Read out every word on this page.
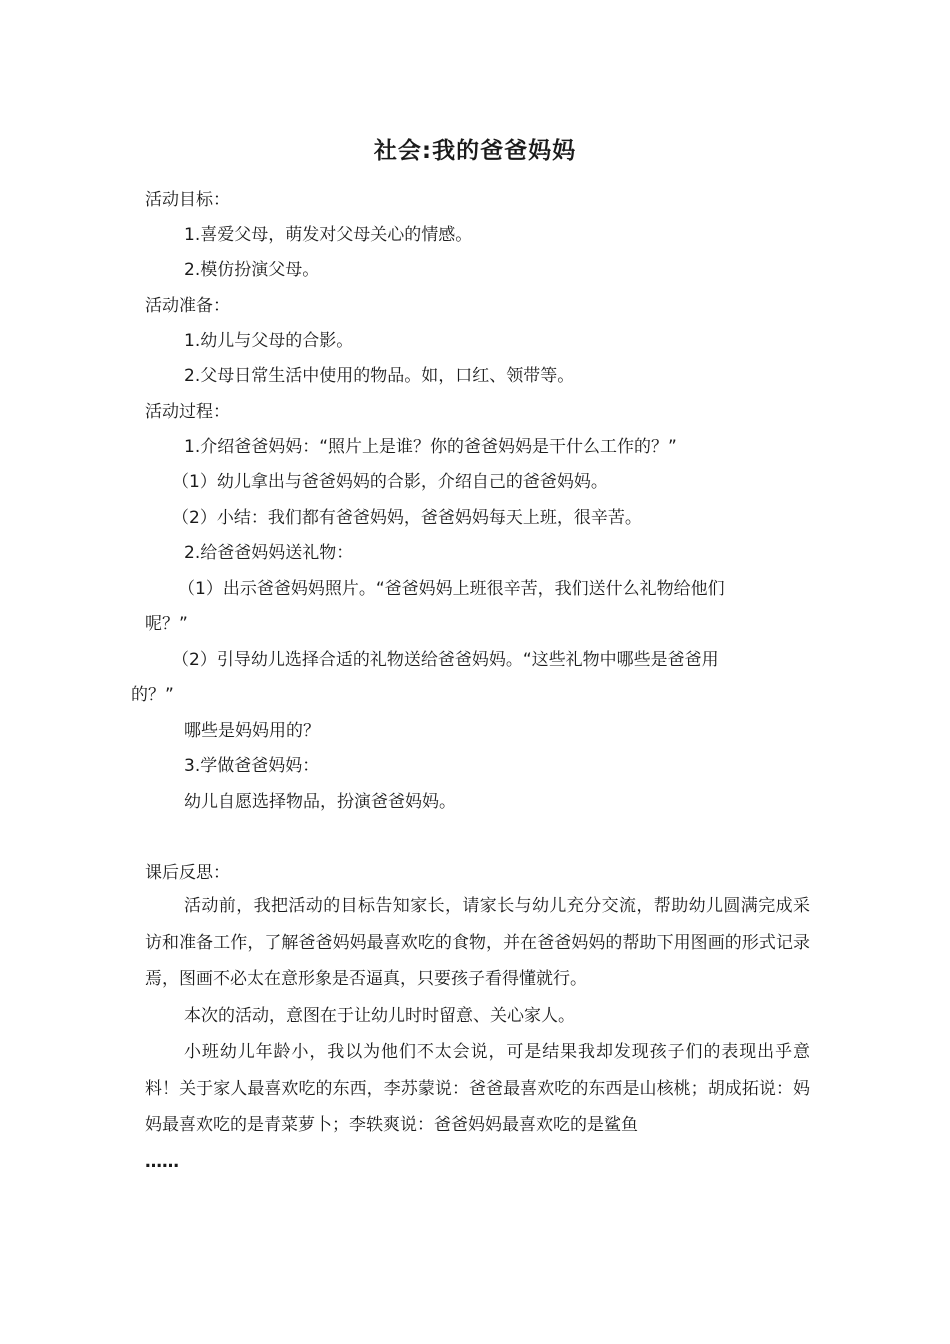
社会:我的爸爸妈妈
活动目标：
1.喜爱父母，萌发对父母关心的情感。
2.模仿扮演父母。
活动准备：
1.幼儿与父母的合影。
2.父母日常生活中使用的物品。如，口红、领带等。
活动过程：
1.介绍爸爸妈妈：“照片上是谁？你的爸爸妈妈是干什么工作的？”
（1）幼儿拿出与爸爸妈妈的合影，介绍自己的爸爸妈妈。
（2）小结：我们都有爸爸妈妈，爸爸妈妈每天上班，很辛苦。
2.给爸爸妈妈送礼物：
（1）出示爸爸妈妈照片。“爸爸妈妈上班很辛苦，我们送什么礼物给他们
呢？”
（2）引导幼儿选择合适的礼物送给爸爸妈妈。“这些礼物中哪些是爸爸用
的？”
哪些是妈妈用的？
3.学做爸爸妈妈：
幼儿自愿选择物品，扮演爸爸妈妈。
课后反思：

活动前，我把活动的目标告知家长，请家长与幼儿充分交流，帮助幼儿圆满完成采访和准备工作，了解爸爸妈妈最喜欢吃的食物，并在爸爸妈妈的帮助下用图画的形式记录焉，图画不必太在意形象是否逼真，只要孩子看得懂就行。

本次的活动，意图在于让幼儿时时留意、关心家人。

小班幼儿年龄小，我以为他们不太会说，可是结果我却发现孩子们的表现出乎意料！关于家人最喜欢吃的东西，李苏蒙说：爸爸最喜欢吃的东西是山核桃；胡成拓说：妈妈最喜欢吃的是青菜萝卜；李轶爽说：爸爸妈妈最喜欢吃的是鲨鱼

……
